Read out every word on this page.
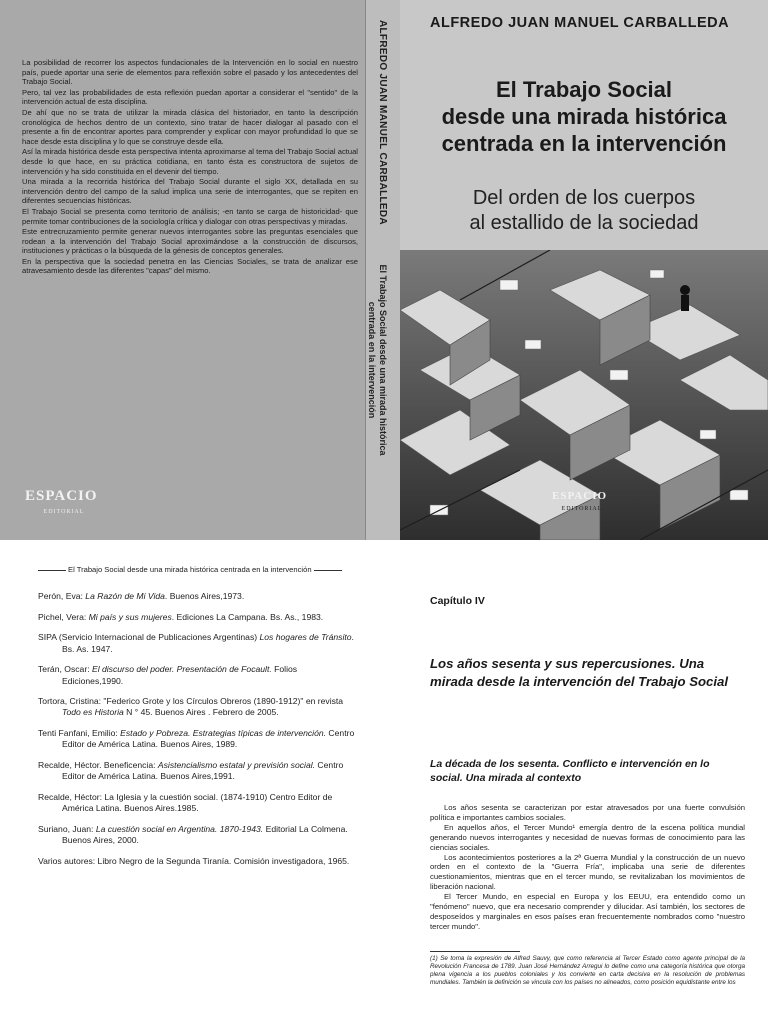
La posibilidad de recorrer los aspectos fundacionales de la Intervención en lo social en nuestro país, puede aportar una serie de elementos para reflexión sobre el pasado y los antecedentes del Trabajo Social.

Pero, tal vez las probabilidades de esta reflexión puedan aportar a considerar el "sentido" de la intervención actual de esta disciplina.

De ahí que no se trata de utilizar la mirada clásica del historiador, en tanto la descripción cronológica de hechos dentro de un contexto, sino tratar de hacer dialogar al pasado con el presente a fin de encontrar aportes para comprender y explicar con mayor profundidad lo que se hace desde esta disciplina y lo que se construye desde ella.

Así la mirada histórica desde esta perspectiva intenta aproximarse al tema del Trabajo Social actual desde lo que hace, en su práctica cotidiana, en tanto ésta es constructora de sujetos de intervención y ha sido constituida en el devenir del tiempo.

Una mirada a la recorrida histórica del Trabajo Social durante el siglo XX, detallada en su intervención dentro del campo de la salud implica una serie de interrogantes, que se repiten en diferentes secuencias históricas.

El Trabajo Social se presenta como territorio de análisis; -en tanto se carga de historicidad- que permite tomar contribuciones de la sociología crítica y dialogar con otras perspectivas y miradas.

Este entrecruzamiento permite generar nuevos interrogantes sobre las preguntas esenciales que rodean a la intervención del Trabajo Social aproximándose a la construcción de discursos, instituciones y prácticas o la búsqueda de la génesis de conceptos generales.

En la perspectiva que la sociedad penetra en las Ciencias Sociales, se trata de analizar ese atravesamiento desde las diferentes "capas" del mismo.

ESPACIO
EDITORIAL
ALFREDO JUAN MANUEL CARBALLEDA
El Trabajo Social desde una mirada histórica
centrada en la intervención
ALFREDO JUAN MANUEL CARBALLEDA
El Trabajo Social
desde una mirada histórica
centrada en la intervención
Del orden de los cuerpos
al estallido de la sociedad
ESPACIO
EDITORIAL
El Trabajo Social desde una mirada histórica centrada en la intervención
Perón, Eva: La Razón de Mi Vida. Buenos Aires,1973.
Pichel, Vera: Mi país y sus mujeres. Ediciones La Campana. Bs. As., 1983.
SIPA (Servicio Internacional de Publicaciones Argentinas) Los hogares de Tránsito. Bs. As. 1947.
Terán, Oscar: El discurso del poder. Presentación de Focault. Folios Ediciones,1990.
Tortora, Cristina: "Federico Grote y los Círculos Obreros (1890-1912)" en revista Todo es Historia N ° 45. Buenos Aires . Febrero de 2005.
Tenti Fanfani, Emilio: Estado y Pobreza. Estrategias típicas de intervención. Centro Editor de América Latina. Buenos Aires, 1989.
Recalde, Héctor. Beneficencia: Asistencialismo estatal y previsión social. Centro Editor de América Latina. Buenos Aires,1991.
Recalde, Héctor: La Iglesia y la cuestión social. (1874-1910) Centro Editor de América Latina. Buenos Aires.1985.
Suriano, Juan: La cuestión social en Argentina. 1870-1943. Editorial La Colmena. Buenos Aires, 2000.
Varios autores: Libro Negro de la Segunda Tiranía. Comisión investigadora, 1965.
Capítulo IV
Los años sesenta y sus repercusiones. Una mirada desde la intervención del Trabajo Social
La década de los sesenta. Conflicto e intervención en lo social. Una mirada al contexto

Los años sesenta se caracterizan por estar atravesados por una fuerte convulsión política e importantes cambios sociales.

En aquellos años, el Tercer Mundo¹ emergía dentro de la escena política mundial generando nuevos interrogantes y necesidad de nuevas formas de conocimiento para las ciencias sociales.

Los acontecimientos posteriores a la 2ª Guerra Mundial y la construcción de un nuevo orden en el contexto de la "Guerra Fría", implicaba una serie de diferentes cuestionamientos, mientras que en el tercer mundo, se revitalizaban los movimientos de liberación nacional.

El Tercer Mundo, en especial en Europa y los EEUU, era entendido como un "fenómeno" nuevo, que era necesario comprender y dilucidar. Así también, los sectores de desposeídos y marginales en esos países eran frecuentemente nombrados como "nuestro tercer mundo".

(1) Se toma la expresión de Alfred Sauvy, que como referencia al Tercer Estado como agente principal de la Revolución Francesa de 1789. Juan José Hernández Arregui lo define como una categoría histórica que otorga plena vigencia a los pueblos coloniales y los convierte en carta decisiva en la resolución de problemas mundiales. También la definición se vincula con los países no alineados, como posición equidistante entre los
